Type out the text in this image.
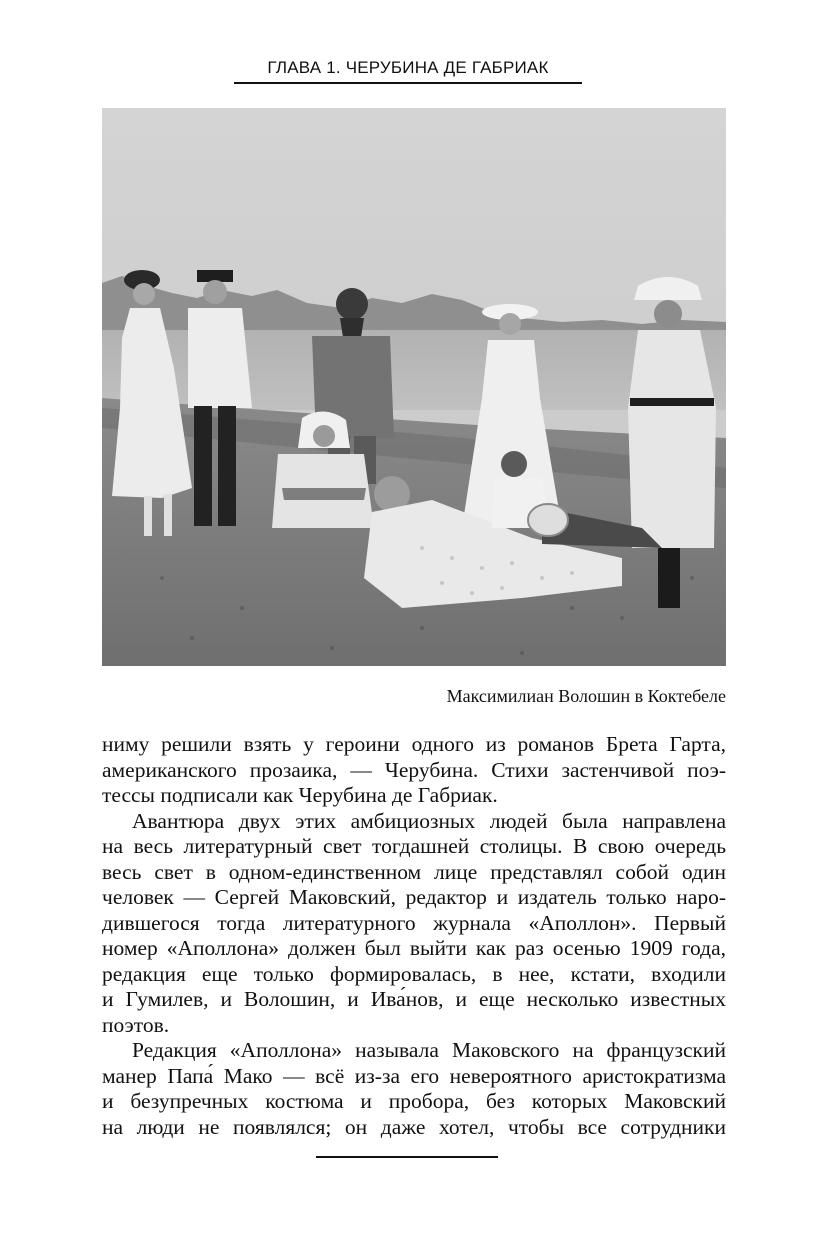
ГЛАВА 1. ЧЕРУБИНА ДЕ ГАБРИАК
Максимилиан Волошин в Коктебеле
ниму решили взять у героини одного из романов Брета Гарта,
американского прозаика, — Черубина. Стихи застенчивой поэ-
тессы подписали как Черубина де Габриак.
Авантюра двух этих амбициозных людей была направлена
на весь литературный свет тогдашней столицы. В свою очередь
весь свет в одном-единственном лице представлял собой один
человек — Сергей Маковский, редактор и издатель только наро-
дившегося тогда литературного журнала «Аполлон». Первый
номер «Аполлона» должен был выйти как раз осенью 1909 года,
редакция еще только формировалась, в нее, кстати, входили
и Гумилев, и Волошин, и Ива́нов, и еще несколько известных
поэтов.
Редакция «Аполлона» называла Маковского на французский
манер Папа́ Мако — всё из-за его невероятного аристократизма
и безупречных костюма и пробора, без которых Маковский
на люди не появлялся; он даже хотел, чтобы все сотрудники
